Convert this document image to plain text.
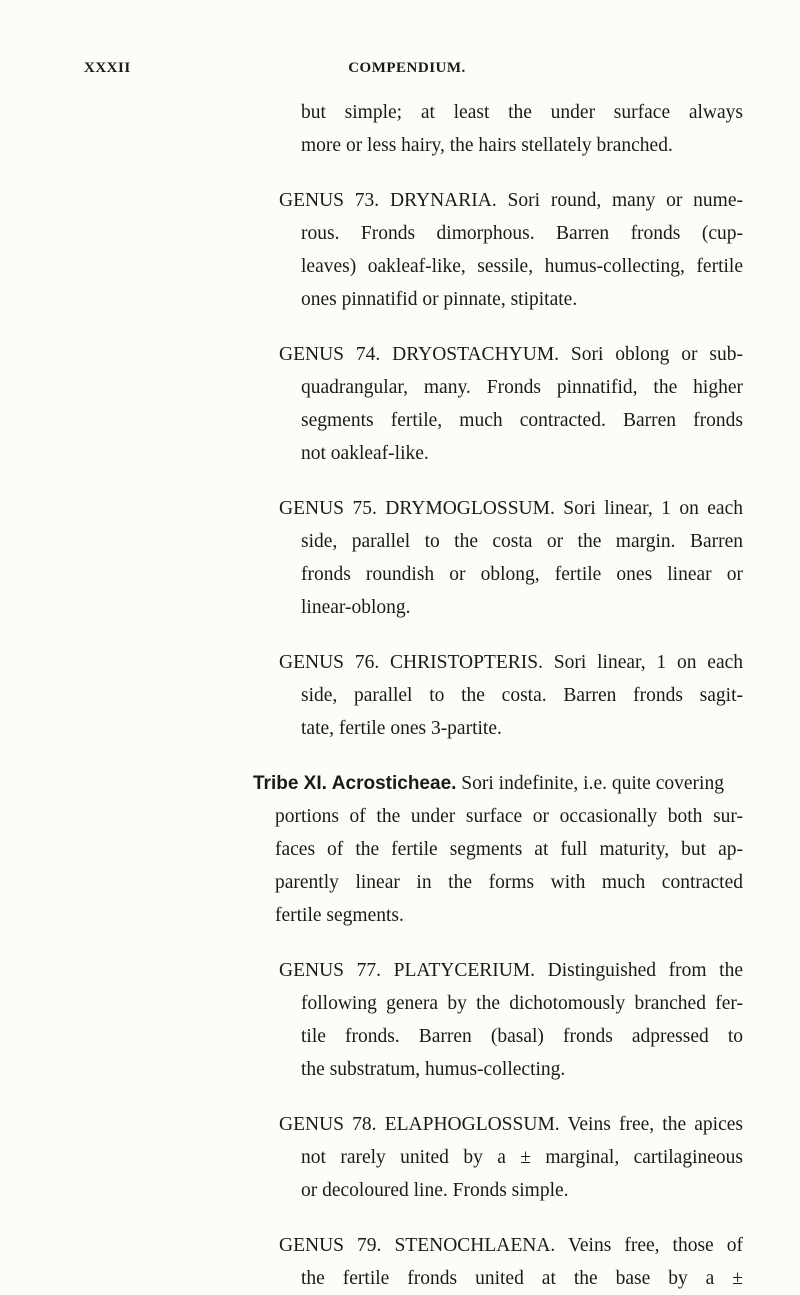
XXXII	COMPENDIUM.
but simple; at least the under surface always
more or less hairy, the hairs stellately branched.
GENUS 73. DRYNARIA. Sori round, many or nume-
rous. Fronds dimorphous. Barren fronds (cup-
leaves) oakleaf-like, sessile, humus-collecting, fertile
ones pinnatifid or pinnate, stipitate.
GENUS 74. DRYOSTACHYUM. Sori oblong or sub-
quadrangular, many. Fronds pinnatifid, the higher
segments fertile, much contracted. Barren fronds
not oakleaf-like.
GENUS 75. DRYMOGLOSSUM. Sori linear, 1 on each
side, parallel to the costa or the margin. Barren
fronds roundish or oblong, fertile ones linear or
linear-oblong.
GENUS 76. CHRISTOPTERIS. Sori linear, 1 on each
side, parallel to the costa. Barren fronds sagit-
tate, fertile ones 3-partite.
Tribe XI. Acrosticheae. Sori indefinite, i.e. quite covering
portions of the under surface or occasionally both sur-
faces of the fertile segments at full maturity, but ap-
parently linear in the forms with much contracted
fertile segments.
GENUS 77. PLATYCERIUM. Distinguished from the
following genera by the dichotomously branched fer-
tile fronds. Barren (basal) fronds adpressed to
the substratum, humus-collecting.
GENUS 78. ELAPHOGLOSSUM. Veins free, the apices
not rarely united by a ± marginal, cartilagineous
or decoloured line. Fronds simple.
GENUS 79. STENOCHLAENA. Veins free, those of
the fertile fronds united at the base by a ±
